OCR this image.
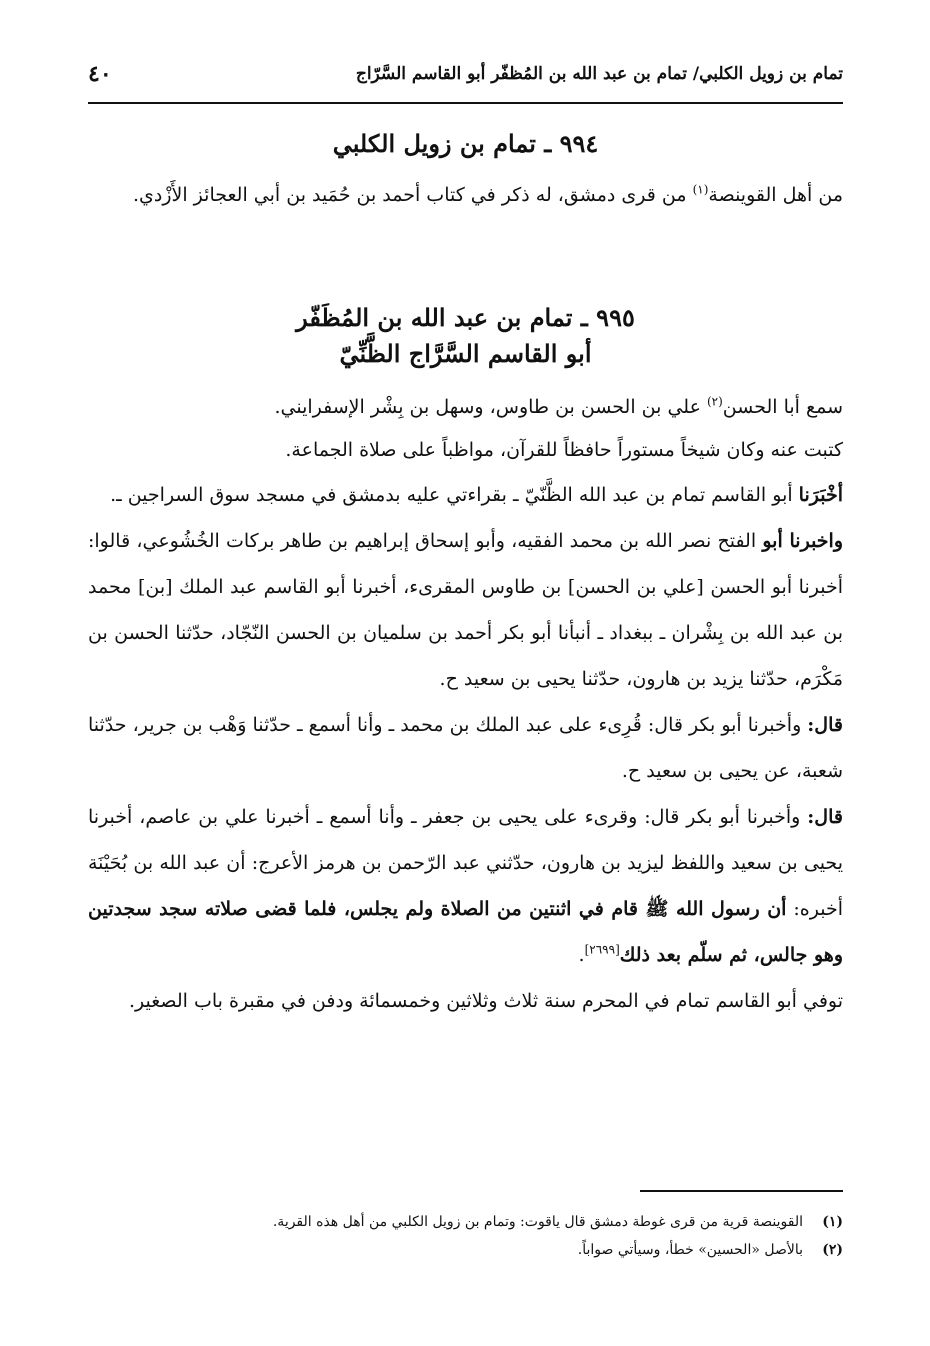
تمام بن زويل الكلبي/ تمام بن عبد الله بن المُظفّر أبو القاسم السَّرّاج
٤٠
٩٩٤ ـ تمام بن زويل الكلبي

من أهل القوينصة$^{(١)}$ من قرى دمشق، له ذكر في كتاب أحمد بن حُمَيد بن أبي العجائز الأَزْدي.

٩٩٥ ـ تمام بن عبد الله بن المُظَفّر
أبو القاسم السَّرَّاج الظَّنِّيّ

سمع أبا الحسن$^{(٢)}$ علي بن الحسن بن طاوس، وسهل بن بِشْر الإسفرايني.

كتبت عنه وكان شيخاً مستوراً حافظاً للقرآن، مواظباً على صلاة الجماعة.

أخْبَرَنا أبو القاسم تمام بن عبد الله الظَّنّيّ ـ بقراءتي عليه بدمشق في مسجد سوق السراجين ـ.

واخبرنا أبو الفتح نصر الله بن محمد الفقيه، وأبو إسحاق إبراهيم بن طاهر بركات الخُشُوعي، قالوا: أخبرنا أبو الحسن [علي بن الحسن] بن طاوس المقرىء، أخبرنا أبو القاسم عبد الملك [بن] محمد بن عبد الله بن بِشْران ـ ببغداد ـ أنبأنا أبو بكر أحمد بن سلميان بن الحسن النّجّاد، حدّثنا الحسن بن مَكْرَم، حدّثنا يزيد بن هارون، حدّثنا يحيى بن سعيد ح.

قال: وأخبرنا أبو بكر قال: قُرِىء على عبد الملك بن محمد ـ وأنا أسمع ـ حدّثنا وَهْب بن جرير، حدّثنا شعبة، عن يحيى بن سعيد ح.

قال: وأخبرنا أبو بكر قال: وقرىء على يحيى بن جعفر ـ وأنا أسمع ـ أخبرنا علي بن عاصم، أخبرنا يحيى بن سعيد واللفظ ليزيد بن هارون، حدّثني عبد الرّحمن بن هرمز الأعرج: أن عبد الله بن بُحَيْنَة أخبره: أن رسول الله ﷺ قام في اثنتين من الصلاة ولم يجلس، فلما قضى صلاته سجد سجدتين وهو جالس، ثم سلّم بعد ذلك[٢٦٩٩].

توفي أبو القاسم تمام في المحرم سنة ثلاث وثلاثين وخمسمائة ودفن في مقبرة باب الصغير.

(١)القوينصة قرية من قرى غوطة دمشق قال ياقوت: وتمام بن زويل الكلبي من أهل هذه القرية.
(٢)بالأصل «الحسين» خطأ، وسيأتي صواباً.
